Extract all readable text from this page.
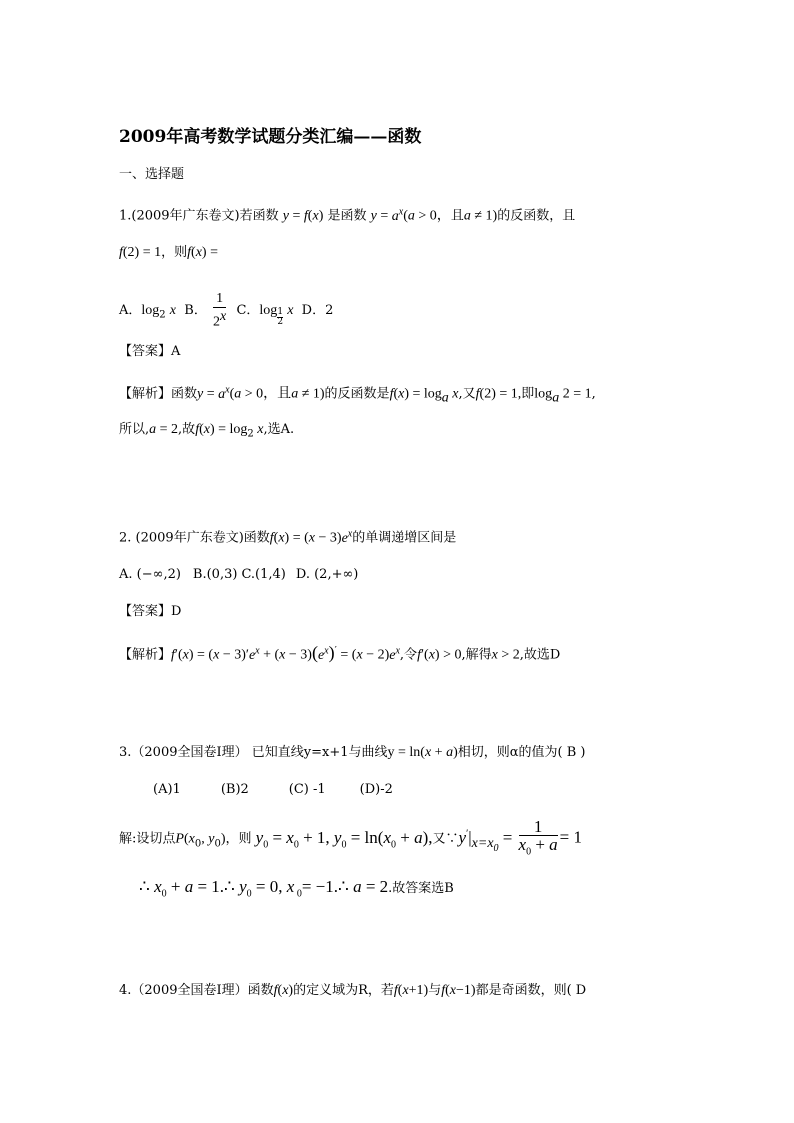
2009年高考数学试题分类汇编——函数
一、选择题
1.(2009年广东卷文)若函数 y = f(x) 是函数 $y = a^x(a > 0$，且a ≠ 1)的反函数，且
f(2) = 1，则f(x) =
A．$\log_2 x$ B． $\frac{1}{2^x}$ C．$\log \frac{1}{2}$ x D．2
【答案】A
【解析】函数$y = a^x(a > 0$，且a ≠ 1)的反函数是$f(x) = \log_a x$,又f(2) = 1,即$\log_a 2 = 1$,
所以,a = 2,故$f(x) = \log_2 x$,选A.
2. (2009年广东卷文)函数$f(x) = (x - 3)e^x$的单调递增区间是
A. (−∞,2) B.(0,3) C.(1,4) D. (2,+∞)
【答案】D
【解析】$f'(x) = (x - 3)'e^x + (x - 3)(e^x)' = (x - 2)e^x$,令f′(x) > 0,解得x > 2,故选D
3.（2009全国卷Ⅰ理） 已知直线y=x+1与曲线y = ln(x + a)相切，则α的值为( B )
(A)1	(B)2	(C) -1	(D)-2
解:设切点$P(x_0$, $y_0$)，则 $y_0 = x_0 + 1$, $y_0 = \ln(x_0 + a)$,又$\because y'|_{x=x_0} = \frac{1}{x_0 + a} = 1$
∴ $x_0 + a$ = 1.∴ $y_0 = 0$, x $_0$= −1.∴ a = 2.故答案选B
4.（2009全国卷Ⅰ理）函数f(x)的定义域为R，若f(x+1)与f(x−1)都是奇函数，则( D
